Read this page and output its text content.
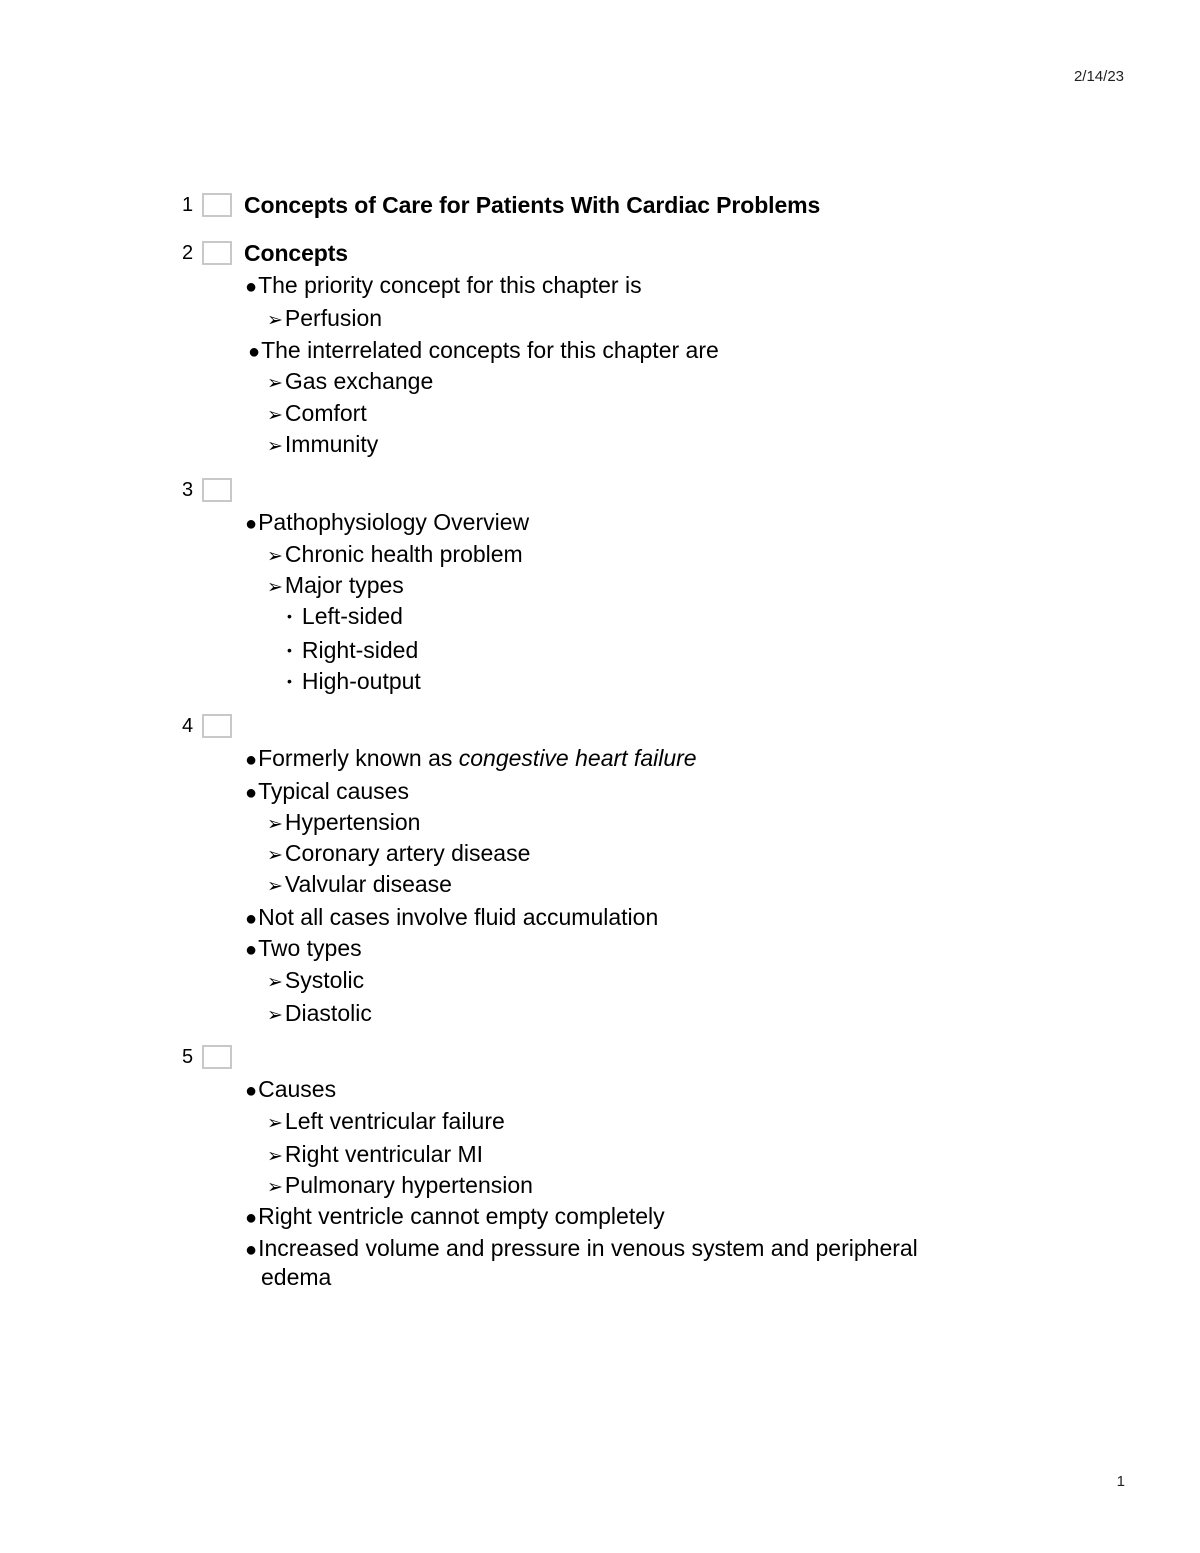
2/14/23
1 Concepts of Care for Patients With Cardiac Problems
2 Concepts
●The priority concept for this chapter is
➢Perfusion
●The interrelated concepts for this chapter are
➢Gas exchange
➢Comfort
➢Immunity
3
●Pathophysiology Overview
➢Chronic health problem
➢Major types
• Left-sided
• Right-sided
• High-output
4
●Formerly known as congestive heart failure
●Typical causes
➢Hypertension
➢Coronary artery disease
➢Valvular disease
●Not all cases involve fluid accumulation
●Two types
➢Systolic
➢Diastolic
5
●Causes
➢Left ventricular failure
➢Right ventricular MI
➢Pulmonary hypertension
●Right ventricle cannot empty completely
●Increased volume and pressure in venous system and peripheral
edema
1
